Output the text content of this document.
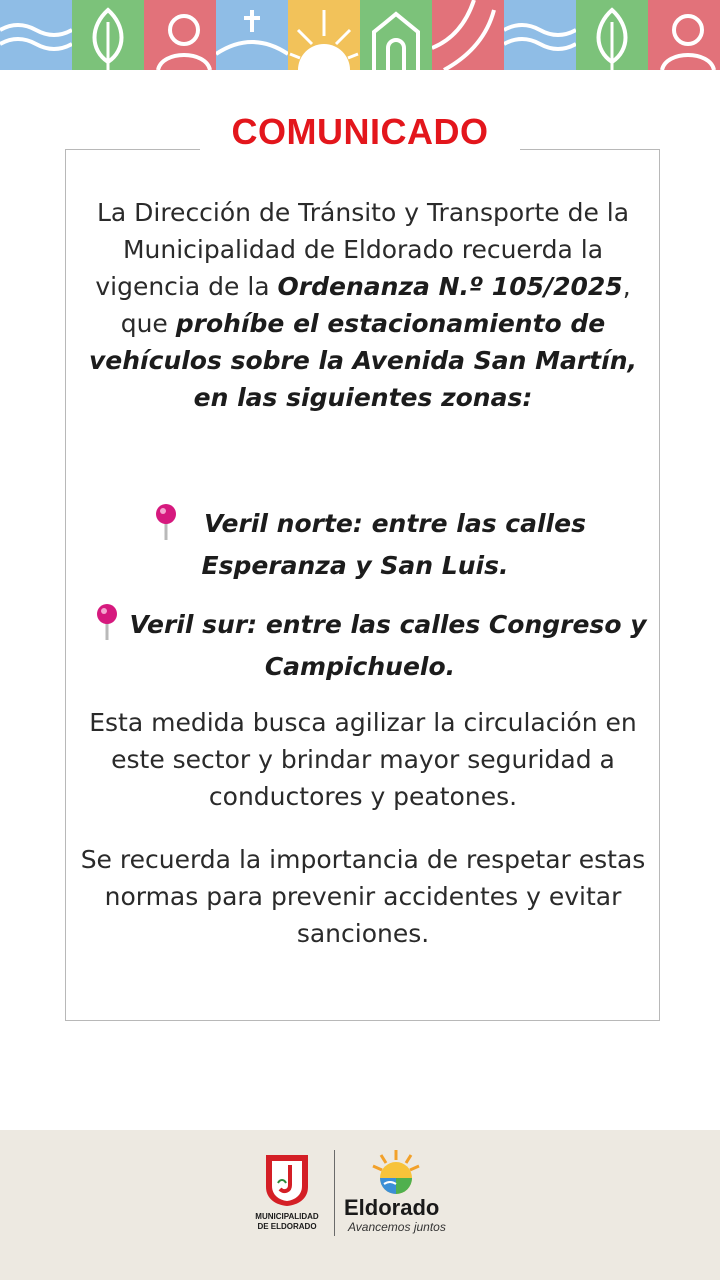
COMUNICADO

La Dirección de Tránsito y Transporte de la Municipalidad de Eldorado recuerda la vigencia de la Ordenanza N.º 105/2025, que prohíbe el estacionamiento de vehículos sobre la Avenida San Martín, en las siguientes zonas:

Veril norte: entre las calles
Esperanza y San Luis.
Veril sur: entre las calles Congreso y
Campichuelo.

Esta medida busca agilizar la circulación en este sector y brindar mayor seguridad a conductores y peatones.

Se recuerda la importancia de respetar estas normas para prevenir accidentes y evitar sanciones.

MUNICIPALIDAD
DE ELDORADO
Eldorado
Avancemos juntos
